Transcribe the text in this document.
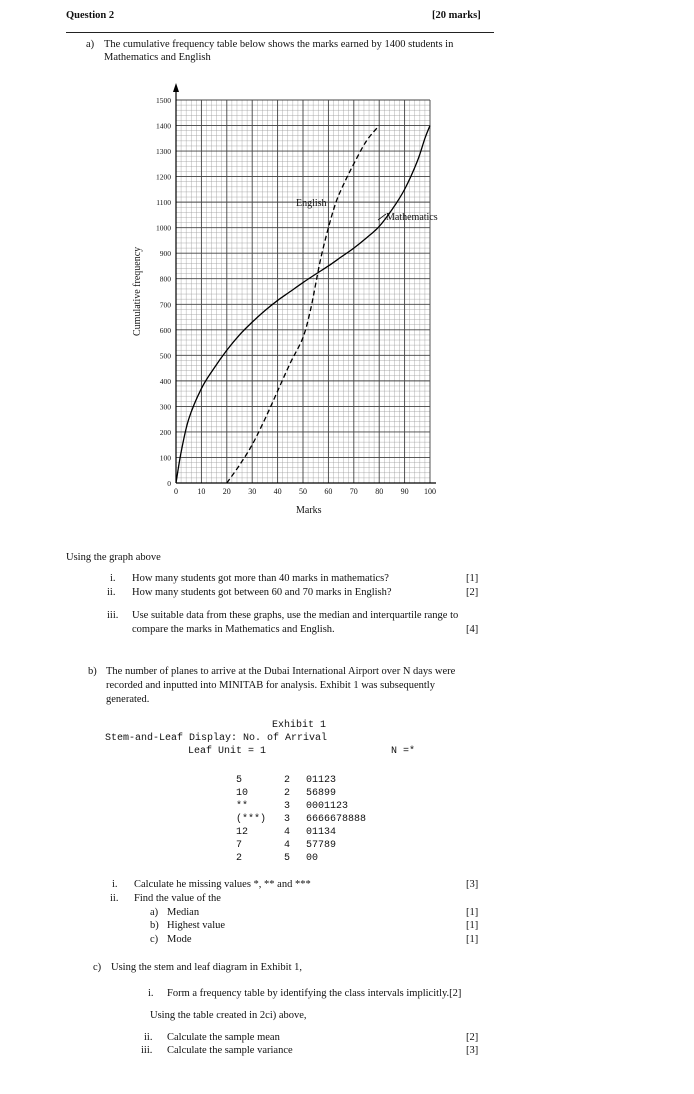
Question 2	[20 marks]
a) The cumulative frequency table below shows the marks earned by 1400 students in
Mathematics and English
0
100
200
300
400
500
600
700
800
900
1000
1100
1200
1300
1400
1500
0 10 20 30 40 50 60 70 80 90 100
English
Mathematics
Marks
Cumulative frequency
Using the graph above
i. How many students got more than 40 marks in mathematics?	[1]
ii. How many students got between 60 and 70 marks in English?	[2]
iii. Use suitable data from these graphs, use the median and interquartile range to
compare the marks in Mathematics and English.	[4]
b) The number of planes to arrive at the Dubai International Airport over N days were
recorded and inputted into MINITAB for analysis. Exhibit 1 was subsequently
generated.
Exhibit 1
Stem-and-Leaf Display: No. of Arrival
Leaf Unit = 1	N =*
5	2 01123
10	2 56899
**	3 0001123
(***) 3 6666678888
12	4 01134
7	4 57789
2	5 00
i. Calculate he missing values *, ** and ***	[3]
ii. Find the value of the
a) Median	[1]
b) Highest value	[1]
c) Mode	[1]
c) Using the stem and leaf diagram in Exhibit 1,
i. Form a frequency table by identifying the class intervals implicitly.[2]
Using the table created in 2ci) above,
ii. Calculate the sample mean	[2]
iii. Calculate the sample variance	[3]
